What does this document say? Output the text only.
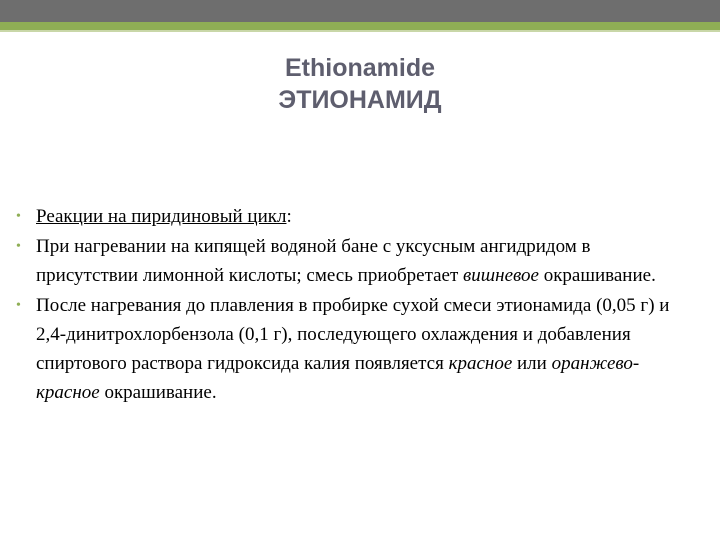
Ethionamide
ЭТИОНАМИД
• Реакции на пиридиновый цикл:
• При нагревании на кипящей водяной бане с уксусным ангидридом в присутствии лимонной кислоты; смесь приобретает вишневое окрашивание.
• После нагревания до плавления в пробирке сухой смеси этионамида (0,05 г) и 2,4-динитрохлорбензола (0,1 г), последующего охлаждения и добавления спиртового раствора гидроксида калия появляется красное или оранжево-красное окрашивание.
